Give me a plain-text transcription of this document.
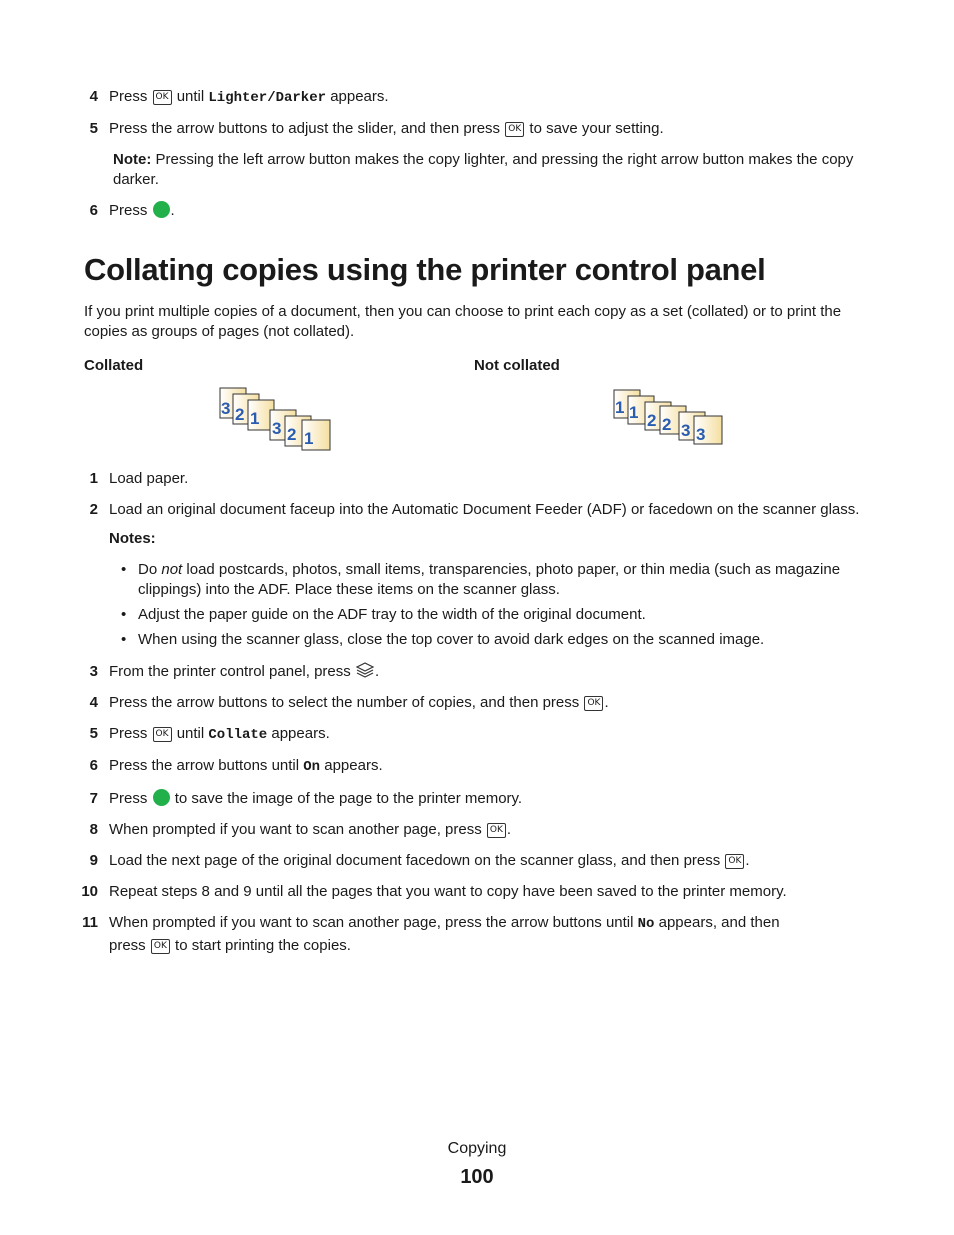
4 Press OK until Lighter/Darker appears.
5 Press the arrow buttons to adjust the slider, and then press OK to save your setting.
Note: Pressing the left arrow button makes the copy lighter, and pressing the right arrow button makes the copy
darker.
6 Press .
Collating copies using the printer control panel
If you print multiple copies of a document, then you can choose to print each copy as a set (collated) or to print the
copies as groups of pages (not collated).
Collated	Not collated
3 2 1
3 2 1
1 1 2 2 3 3
1 Load paper.
2 Load an original document faceup into the Automatic Document Feeder (ADF) or facedown on the scanner glass.
Notes:
• Do not load postcards, photos, small items, transparencies, photo paper, or thin media (such as magazine
clippings) into the ADF. Place these items on the scanner glass.
• Adjust the paper guide on the ADF tray to the width of the original document.
• When using the scanner glass, close the top cover to avoid dark edges on the scanned image.
3 From the printer control panel, press .
4 Press the arrow buttons to select the number of copies, and then press OK .
5 Press OK until Collate appears.
6 Press the arrow buttons until On appears.
7 Press to save the image of the page to the printer memory.
8 When prompted if you want to scan another page, press OK .
9 Load the next page of the original document facedown on the scanner glass, and then press OK .
10 Repeat steps 8 and 9 until all the pages that you want to copy have been saved to the printer memory.
11 When prompted if you want to scan another page, press the arrow buttons until No appears, and then
press OK to start printing the copies.
Copying
100
